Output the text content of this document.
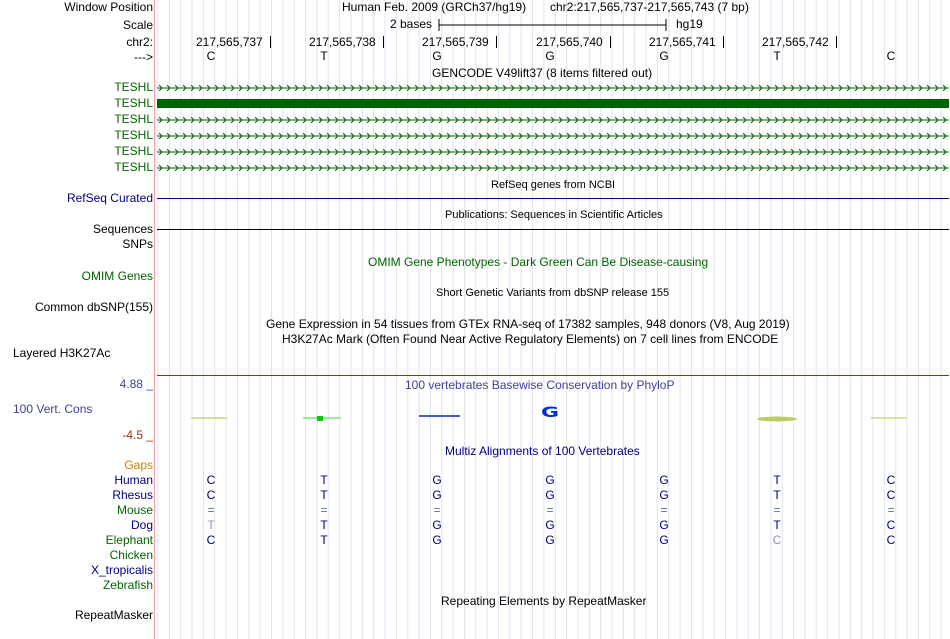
Window Position	Human Feb. 2009 (GRCh37/hg19) chr2:217,565,737-217,565,743 (7 bp)
Scale	2 bases	hg19
chr2:	217,565,737	217,565,738	217,565,739	217,565,740	217,565,741	217,565,742
--->	C	T	G	G	G	T	C
GENCODE V49lift37 (8 items filtered out)
TESHL
TESHL
TESHL
TESHL
TESHL
TESHL
RefSeq genes from NCBI
RefSeq Curated
Publications: Sequences in Scientific Articles
Sequences
SNPs
OMIM Gene Phenotypes - Dark Green Can Be Disease-causing
OMIM Genes
Short Genetic Variants from dbSNP release 155
Common dbSNP(155)
Gene Expression in 54 tissues from GTEx RNA-seq of 17382 samples, 948 donors (V8, Aug 2019)
H3K27Ac Mark (Often Found Near Active Regulatory Elements) on 7 cell lines from ENCODE
Layered H3K27Ac
4.88 _	100 vertebrates Basewise Conservation by PhyloP
100 Vert. Cons	G
-4.5 _
Multiz Alignments of 100 Vertebrates
Gaps
Human	C	T	G	G	G	T	C
Rhesus	C	T	G	G	G	T	C
Mouse	=	=	=	=	=	=	=
Dog	T	T	G	G	G	T	C
Elephant	C	T	G	G	G	C	C
Chicken
X_tropicalis
Zebrafish
Repeating Elements by RepeatMasker
RepeatMasker
